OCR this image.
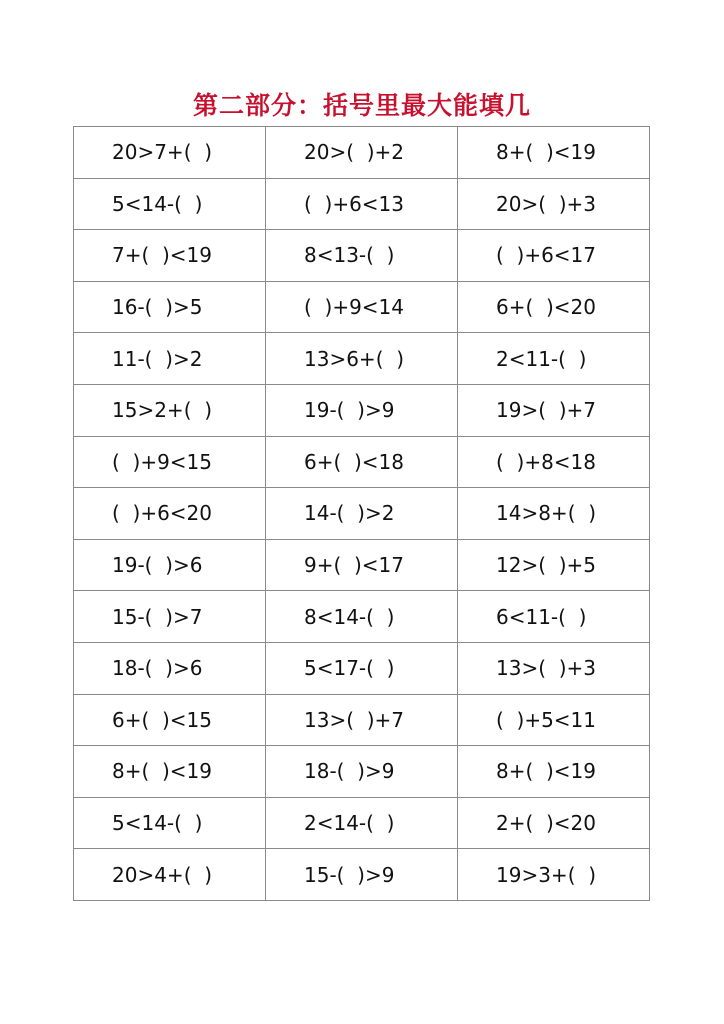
第二部分：括号里最大能填几
20>7+(  )	20>(  )+2	8+(  )<19
5<14-(  )	(  )+6<13	20>(  )+3
7+(  )<19	8<13-(  )	(  )+6<17
16-(  )>5	(  )+9<14	6+(  )<20
11-(  )>2	13>6+(  )	2<11-(  )
15>2+(  )	19-(  )>9	19>(  )+7
(  )+9<15	6+(  )<18	(  )+8<18
(  )+6<20	14-(  )>2	14>8+(  )
19-(  )>6	9+(  )<17	12>(  )+5
15-(  )>7	8<14-(  )	6<11-(  )
18-(  )>6	5<17-(  )	13>(  )+3
6+(  )<15	13>(  )+7	(  )+5<11
8+(  )<19	18-(  )>9	8+(  )<19
5<14-(  )	2<14-(  )	2+(  )<20
20>4+(  )	15-(  )>9	19>3+(  )
